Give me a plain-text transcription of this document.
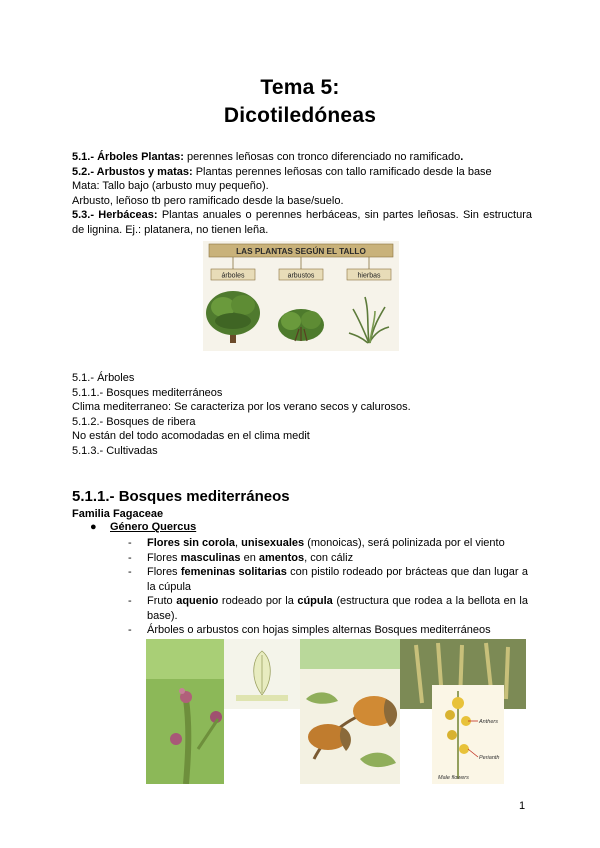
Tema 5:
Dicotiledóneas
5.1.- Árboles Plantas: perennes leñosas con tronco diferenciado no ramificado.
5.2.- Arbustos y matas: Plantas perennes leñosas con tallo ramificado desde la base
Mata: Tallo bajo (arbusto muy pequeño).
Arbusto, leñoso tb pero ramificado desde la base/suelo.
5.3.- Herbáceas: Plantas anuales o perennes herbáceas, sin partes leñosas. Sin estructura de lignina. Ej.: platanera, no tienen leña.
LAS PLANTAS SEGÚN EL TALLO
árboles	arbustos	hierbas
5.1.- Árboles
5.1.1.- Bosques mediterráneos
Clima mediterraneo: Se caracteriza por los verano secos y calurosos.
5.1.2.- Bosques de ribera
No están del todo acomodadas en el clima medit
5.1.3.- Cultivadas
5.1.1.- Bosques mediterráneos
Familia Fagaceae
● Género Quercus
- Flores sin corola, unisexuales (monoicas), será polinizada por el viento
- Flores masculinas en amentos, con cáliz
- Flores femeninas solitarias con pistilo rodeado por brácteas que dan lugar a la cúpula
- Fruto aquenio rodeado por la cúpula (estructura que rodea a la bellota en la base).
- Árboles o arbustos con hojas simples alternas Bosques mediterráneos
Anthers
Perianth
Male flowers
1
